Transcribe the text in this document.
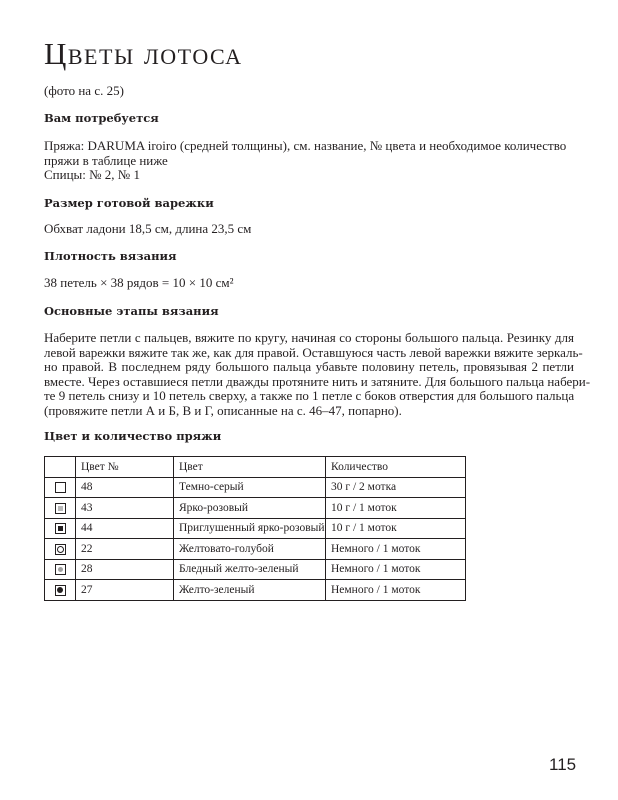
Цветы лотоса
(фото на с. 25)
Вам потребуется
Пряжа: DARUMA iroiro (средней толщины), см. название, № цвета и необходимое количество
пряжи в таблице ниже
Спицы: № 2, № 1
Размер готовой варежки
Обхват ладони 18,5 см, длина 23,5 см
Плотность вязания
38 петель × 38 рядов = 10 × 10 см²
Основные этапы вязания
Наберите петли с пальцев, вяжите по кругу, начиная со стороны большого пальца. Резинку для
левой варежки вяжите так же, как для правой. Оставшуюся часть левой варежки вяжите зеркаль-
но правой. В последнем ряду большого пальца убавьте половину петель, провязывая 2 петли
вместе. Через оставшиеся петли дважды протяните нить и затяните. Для большого пальца набери-
те 9 петель снизу и 10 петель сверху, а также по 1 петле с боков отверстия для большого пальца
(провяжите петли А и Б, В и Г, описанные на с. 46–47, попарно).
Цвет и количество пряжи
	Цвет №	Цвет	Количество
	48	Темно-серый	30 г / 2 мотка

	43	Ярко-розовый	10 г / 1 моток

	44	Приглушенный ярко-розовый	10 г / 1 моток

	22	Желтовато-голубой	Немного / 1 моток

	28	Бледный желто-зеленый	Немного / 1 моток

	27	Желто-зеленый	Немного / 1 моток
115
